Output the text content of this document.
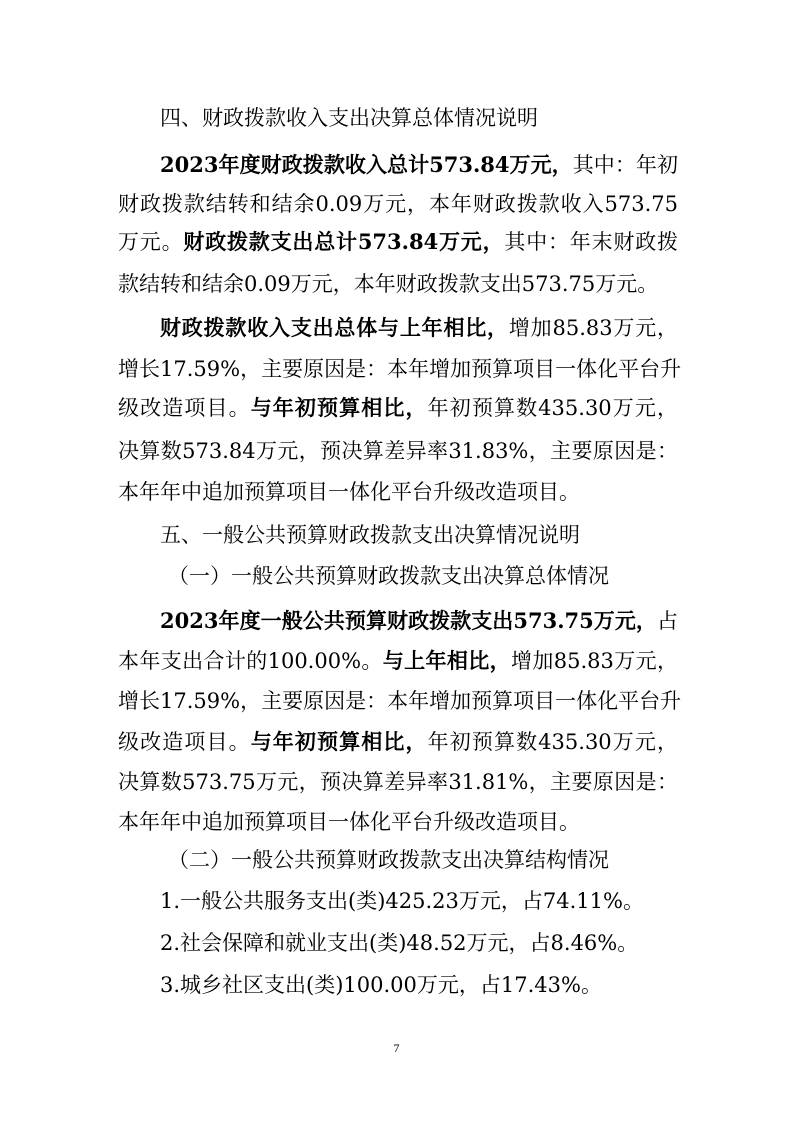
四、财政拨款收入支出决算总体情况说明
2023年度财政拨款收入总计573.84万元，其中：年初
财政拨款结转和结余0.09万元，本年财政拨款收入573.75
万元。财政拨款支出总计573.84万元，其中：年末财政拨
款结转和结余0.09万元，本年财政拨款支出573.75万元。
财政拨款收入支出总体与上年相比，增加85.83万元，
增长17.59%，主要原因是：本年增加预算项目一体化平台升
级改造项目。与年初预算相比，年初预算数435.30万元，
决算数573.84万元，预决算差异率31.83%，主要原因是：
本年年中追加预算项目一体化平台升级改造项目。
五、一般公共预算财政拨款支出决算情况说明
（一）一般公共预算财政拨款支出决算总体情况
2023年度一般公共预算财政拨款支出573.75万元，占
本年支出合计的100.00%。与上年相比，增加85.83万元，
增长17.59%，主要原因是：本年增加预算项目一体化平台升
级改造项目。与年初预算相比，年初预算数435.30万元，
决算数573.75万元，预决算差异率31.81%，主要原因是：
本年年中追加预算项目一体化平台升级改造项目。
（二）一般公共预算财政拨款支出决算结构情况
1.一般公共服务支出(类)425.23万元，占74.11%。
2.社会保障和就业支出(类)48.52万元，占8.46%。
3.城乡社区支出(类)100.00万元，占17.43%。
7
